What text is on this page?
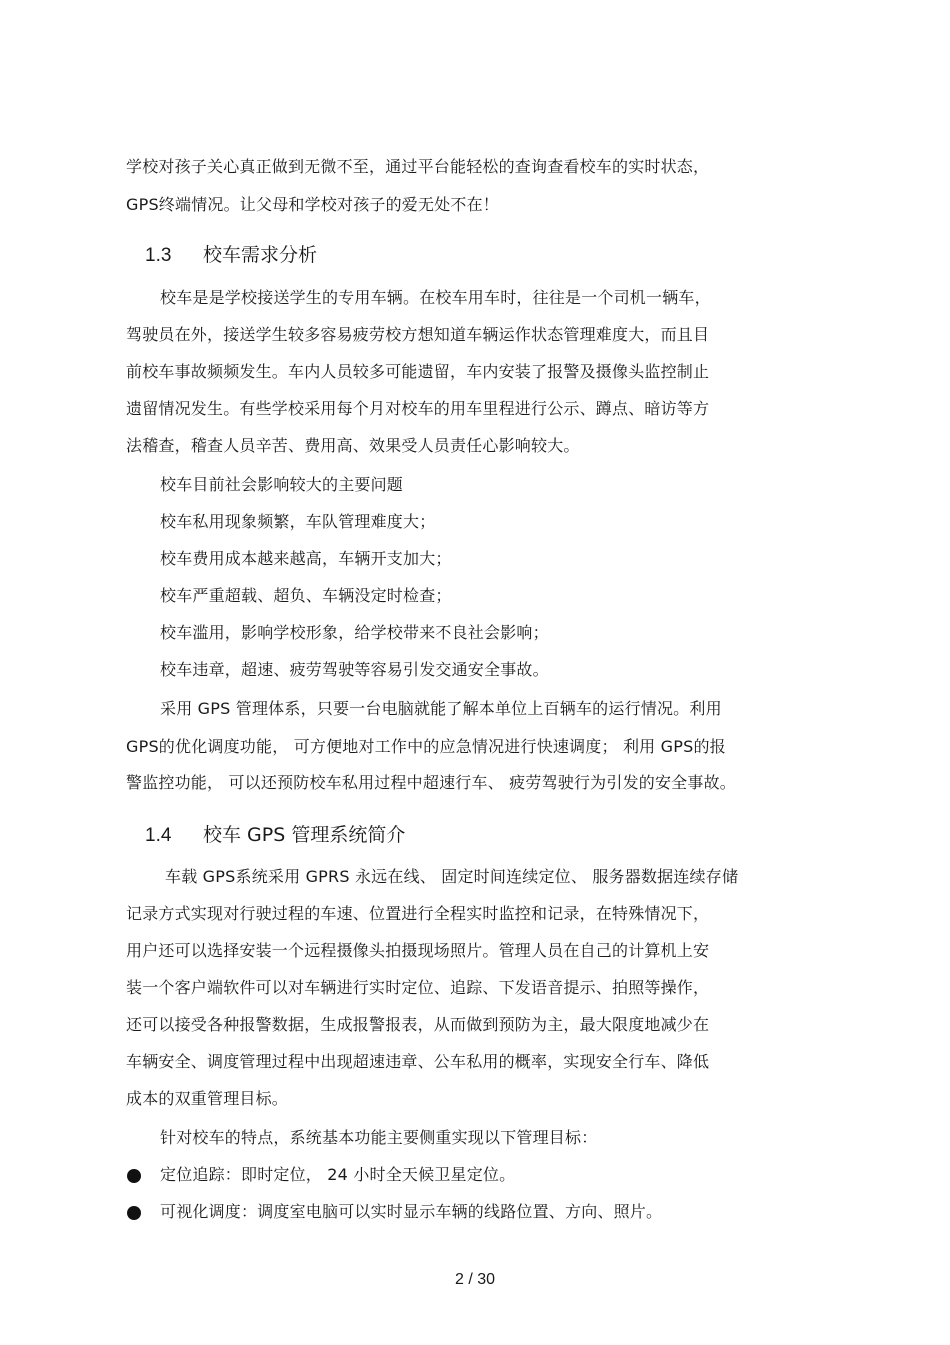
学校对孩子关心真正做到无微不至，通过平台能轻松的查询查看校车的实时状态，
GPS终端情况。让父母和学校对孩子的爱无处不在！
1.3 校车需求分析
校车是是学校接送学生的专用车辆。在校车用车时，往往是一个司机一辆车，
驾驶员在外，接送学生较多容易疲劳校方想知道车辆运作状态管理难度大，而且目
前校车事故频频发生。车内人员较多可能遗留，车内安装了报警及摄像头监控制止
遗留情况发生。有些学校采用每个月对校车的用车里程进行公示、蹲点、暗访等方
法稽查，稽查人员辛苦、费用高、效果受人员责任心影响较大。
校车目前社会影响较大的主要问题
校车私用现象频繁，车队管理难度大；
校车费用成本越来越高，车辆开支加大；
校车严重超载、超负、车辆没定时检查；
校车滥用，影响学校形象，给学校带来不良社会影响；
校车违章，超速、疲劳驾驶等容易引发交通安全事故。
采用 GPS 管理体系，只要一台电脑就能了解本单位上百辆车的运行情况。利用
GPS的优化调度功能， 可方便地对工作中的应急情况进行快速调度； 利用 GPS的报
警监控功能， 可以还预防校车私用过程中超速行车、 疲劳驾驶行为引发的安全事故。
1.4 校车 GPS 管理系统简介
车载 GPS系统采用 GPRS 永远在线、 固定时间连续定位、 服务器数据连续存储
记录方式实现对行驶过程的车速、位置进行全程实时监控和记录，在特殊情况下，
用户还可以选择安装一个远程摄像头拍摄现场照片。管理人员在自己的计算机上安
装一个客户端软件可以对车辆进行实时定位、追踪、下发语音提示、拍照等操作，
还可以接受各种报警数据，生成报警报表，从而做到预防为主，最大限度地减少在
车辆安全、调度管理过程中出现超速违章、公车私用的概率，实现安全行车、降低
成本的双重管理目标。
针对校车的特点，系统基本功能主要侧重实现以下管理目标：
定位追踪：即时定位， 24 小时全天候卫星定位。
可视化调度：调度室电脑可以实时显示车辆的线路位置、方向、照片。
2 / 30
